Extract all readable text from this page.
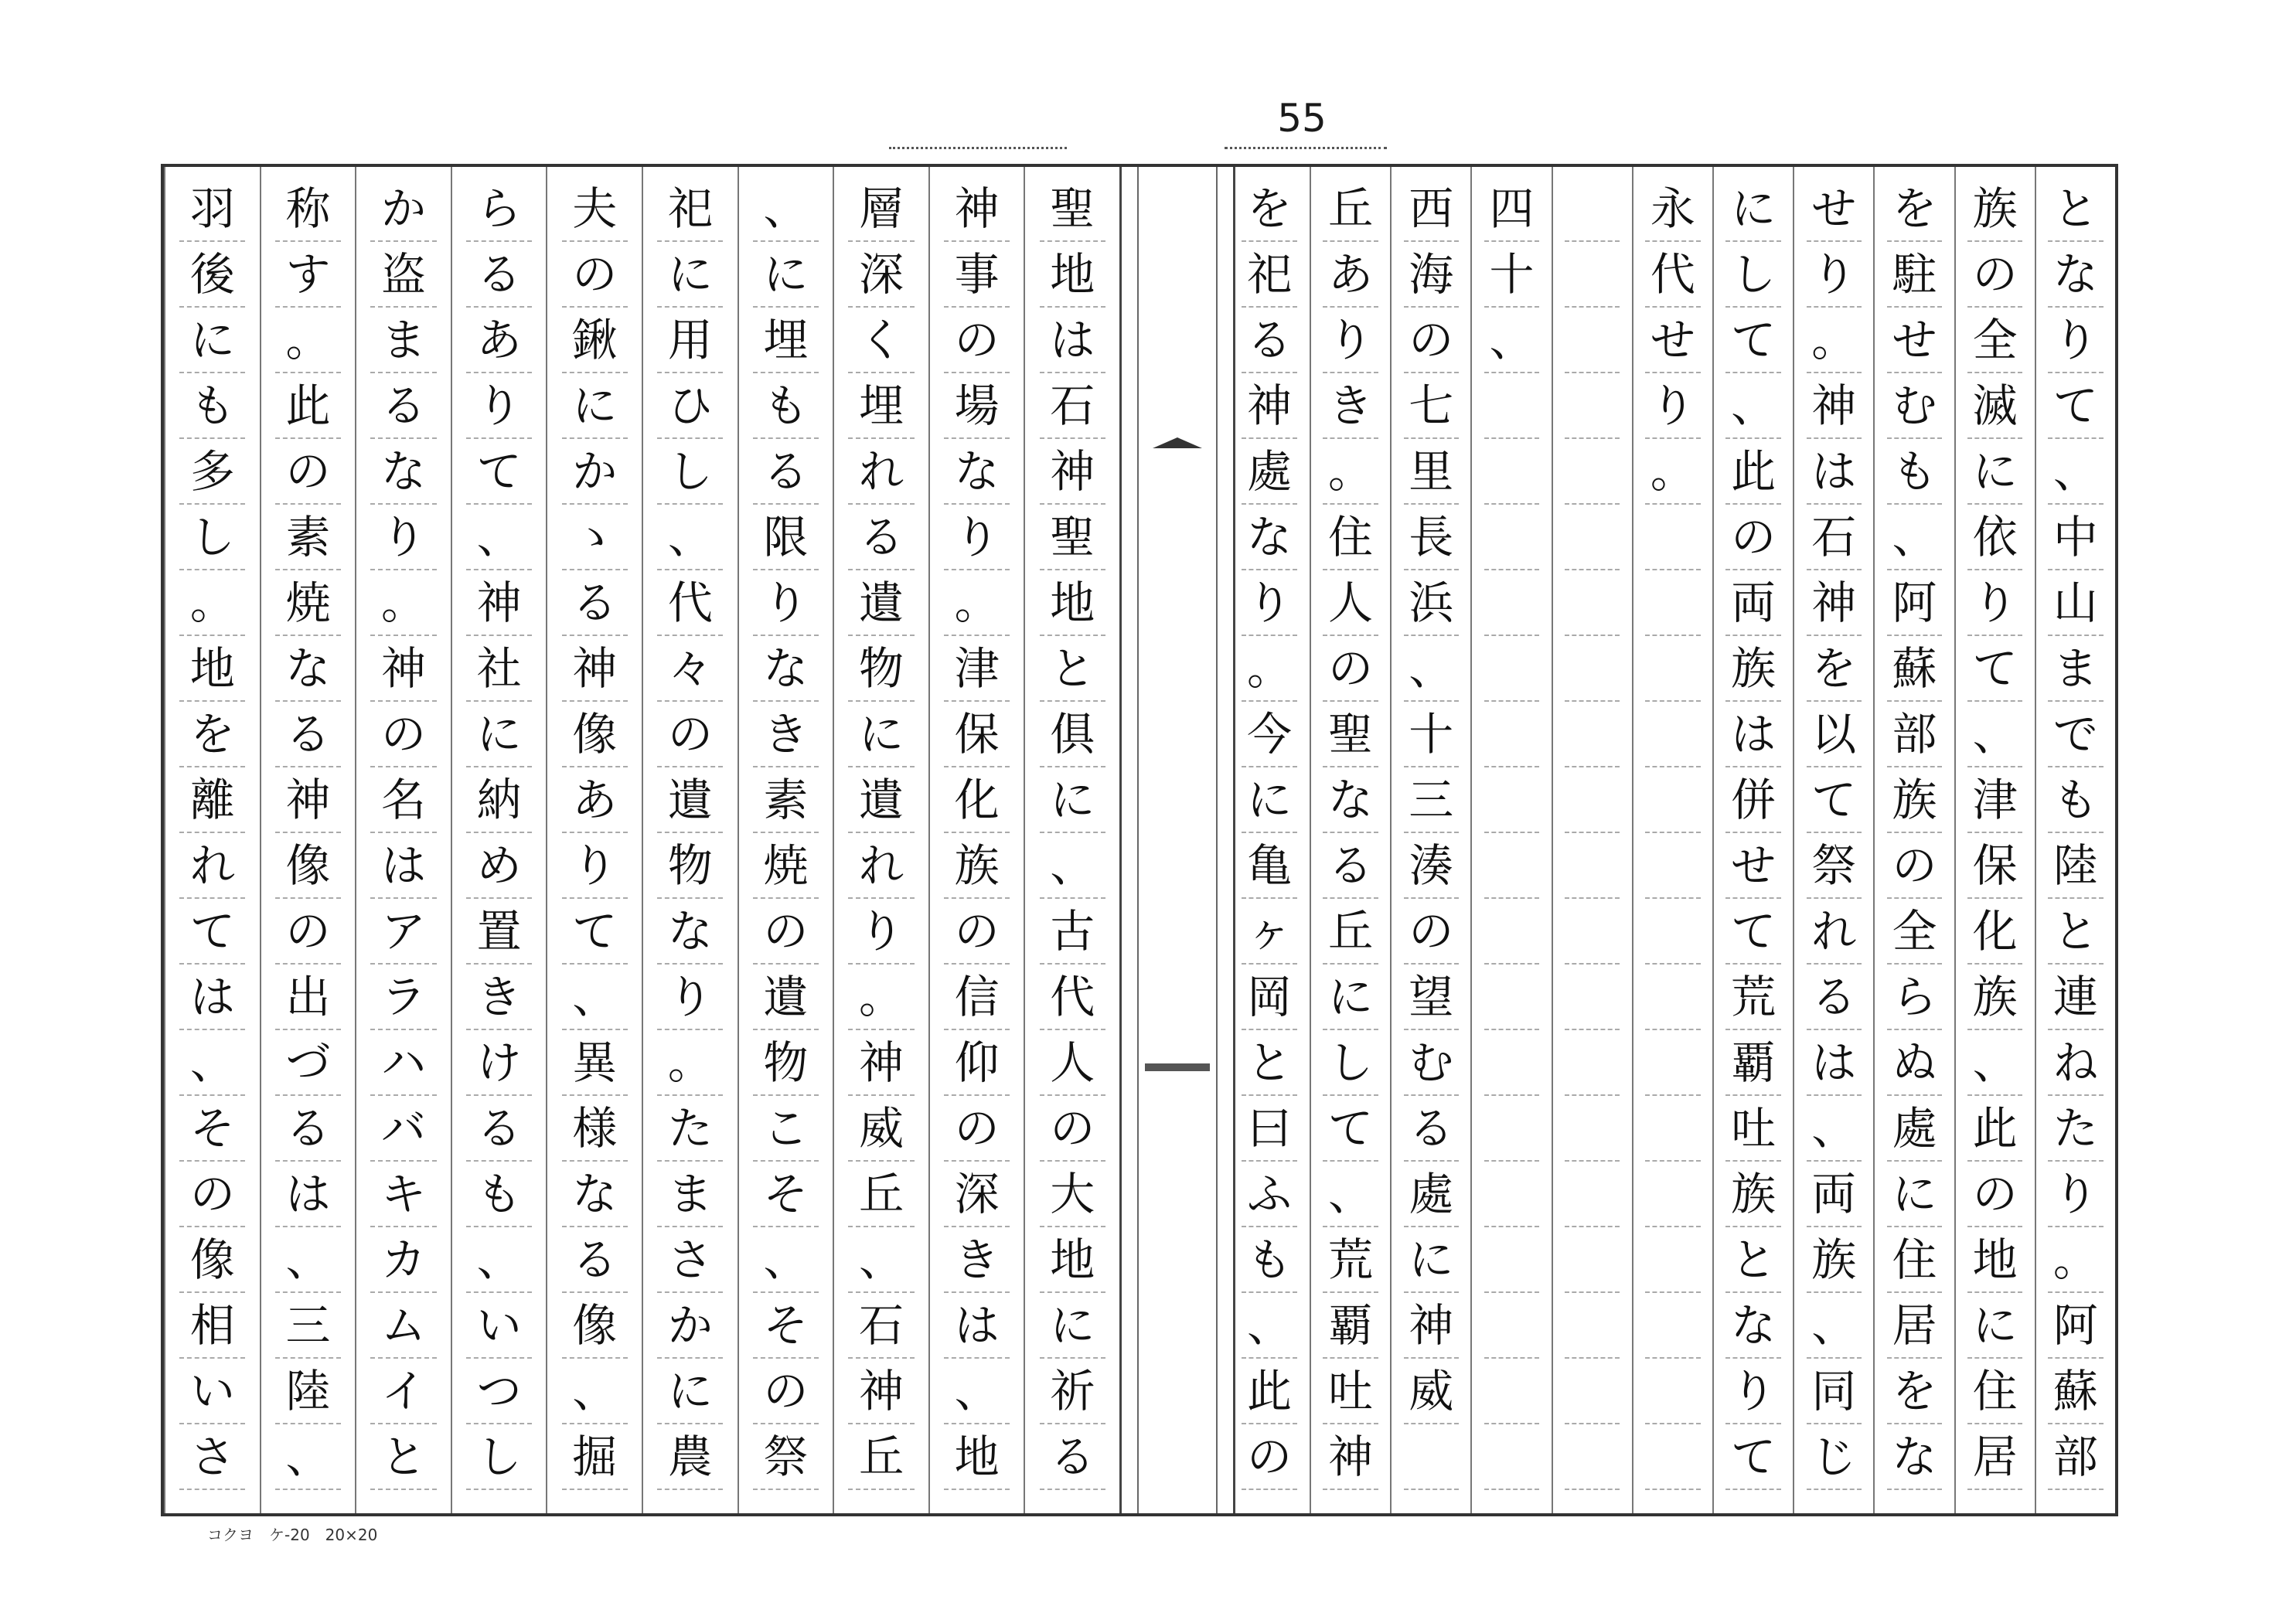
55
と
な
り
て
、
中
山
ま
で
も
陸
と
連
ね
た
り
。
阿
蘇
部
族
の
全
滅
に
依
り
て
、
津
保
化
族
、
此
の
地
に
住
居
を
駐
せ
む
も
、
阿
蘇
部
族
の
全
ら
ぬ
處
に
住
居
を
な
せ
り
。
神
は
石
神
を
以
て
祭
れ
る
は
、
両
族
、
同
じ
に
し
て
、
此
の
両
族
は
併
せ
て
荒
覇
吐
族
と
な
り
て
永
代
せ
り
。
四
十
、
西
海
の
七
里
長
浜
、
十
三
湊
の
望
む
る
處
に
神
威
丘
あ
り
き
。
住
人
の
聖
な
る
丘
に
し
て
、
荒
覇
吐
神
を
祀
る
神
處
な
り
。
今
に
亀
ヶ
岡
と
曰
ふ
も
、
此
の
聖
地
は
石
神
聖
地
と
俱
に
、
古
代
人
の
大
地
に
祈
る
神
事
の
場
な
り
。
津
保
化
族
の
信
仰
の
深
き
は
、
地
層
深
く
埋
れ
る
遺
物
に
遺
れ
り
。
神
威
丘
、
石
神
丘
、
に
埋
も
る
限
り
な
き
素
焼
の
遺
物
こ
そ
、
そ
の
祭
祀
に
用
ひ
し
、
代
々
の
遺
物
な
り
。
た
ま
さ
か
に
農
夫
の
鍬
に
か
ゝ
る
神
像
あ
り
て
、
異
様
な
る
像
、
掘
ら
る
あ
り
て
、
神
社
に
納
め
置
き
け
る
も
、
い
つ
し
か
盗
ま
る
な
り
。
神
の
名
は
ア
ラ
ハ
バ
キ
カ
ム
イ
と
称
す
。
此
の
素
焼
な
る
神
像
の
出
づ
る
は
、
三
陸
、
羽
後
に
も
多
し
。
地
を
離
れ
て
は
、
そ
の
像
相
い
さ
コクヨ　ケ-20　20×20
